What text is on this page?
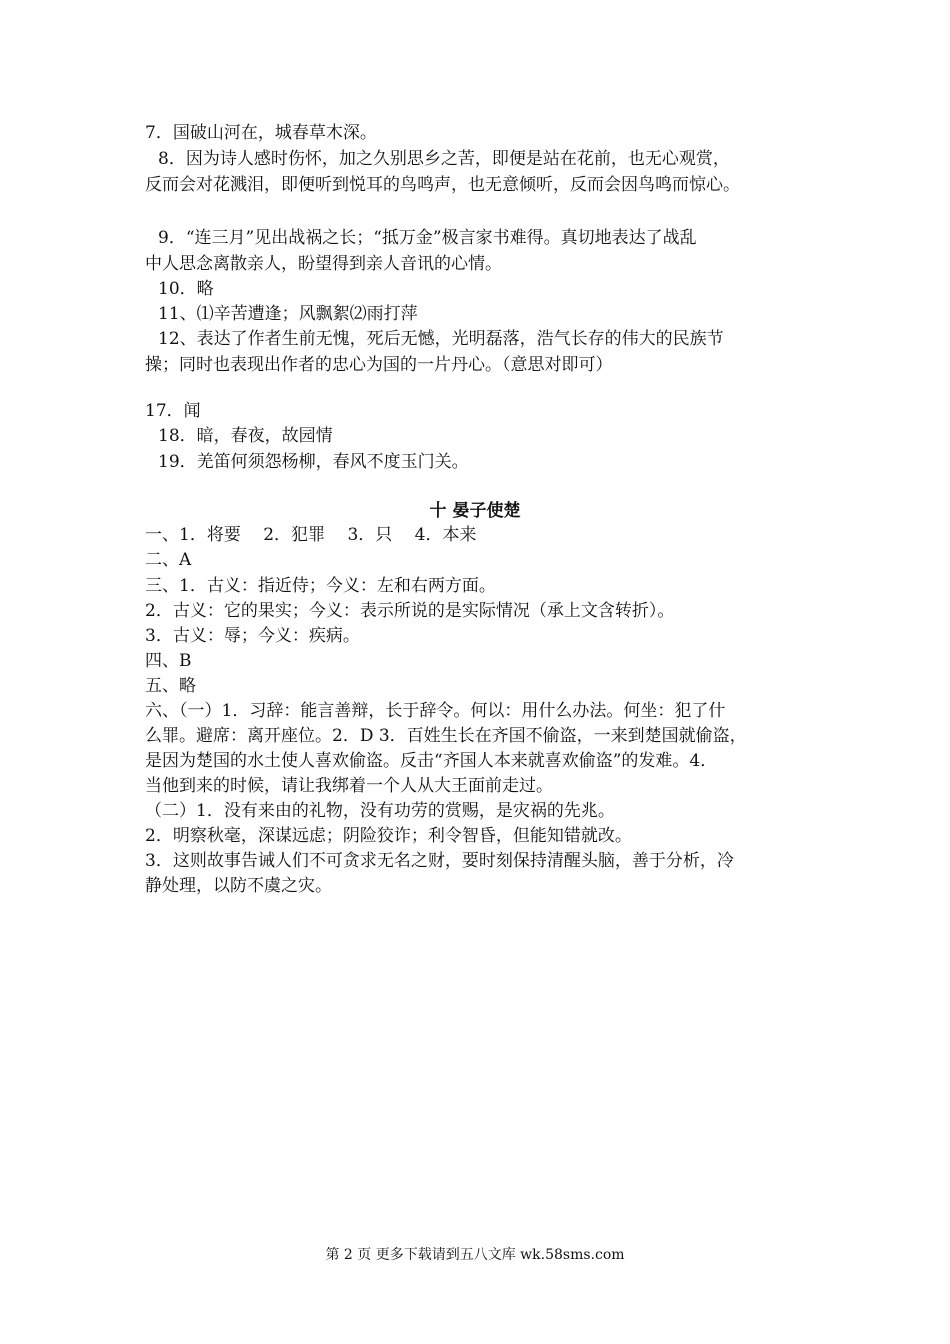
7．国破山河在，城春草木深。
8．因为诗人感时伤怀，加之久别思乡之苦，即便是站在花前，也无心观赏，
反而会对花溅泪，即便听到悦耳的鸟鸣声，也无意倾听，反而会因鸟鸣而惊心。
9．“连三月”见出战祸之长；“抵万金”极言家书难得。真切地表达了战乱
中人思念离散亲人，盼望得到亲人音讯的心情。
10．略
11、⑴辛苦遭逢；风飘絮⑵雨打萍
12、表达了作者生前无愧，死后无憾，光明磊落，浩气长存的伟大的民族节
操；同时也表现出作者的忠心为国的一片丹心。（意思对即可）
17．闻
18．暗，春夜，故园情
19．羌笛何须怨杨柳，春风不度玉门关。
十 晏子使楚
一、1．将要　 2．犯罪　 3．只　 4．本来
二、A
三、1．古义：指近侍；今义：左和右两方面。
2．古义：它的果实；今义：表示所说的是实际情况（承上文含转折）。
3．古义：辱；今义：疾病。
四、B
五、略
六、（一）1．习辞：能言善辩，长于辞令。何以：用什么办法。何坐：犯了什
么罪。避席：离开座位。2．D 3．百姓生长在齐国不偷盗，一来到楚国就偷盗，
是因为楚国的水土使人喜欢偷盗。反击“齐国人本来就喜欢偷盗”的发难。4．
当他到来的时候，请让我绑着一个人从大王面前走过。
（二）1．没有来由的礼物，没有功劳的赏赐，是灾祸的先兆。
2．明察秋毫，深谋远虑；阴险狡诈；利令智昏，但能知错就改。
3．这则故事告诫人们不可贪求无名之财，要时刻保持清醒头脑，善于分析，冷
静处理，以防不虞之灾。
第 2 页 更多下载请到五八文库 wk.58sms.com
